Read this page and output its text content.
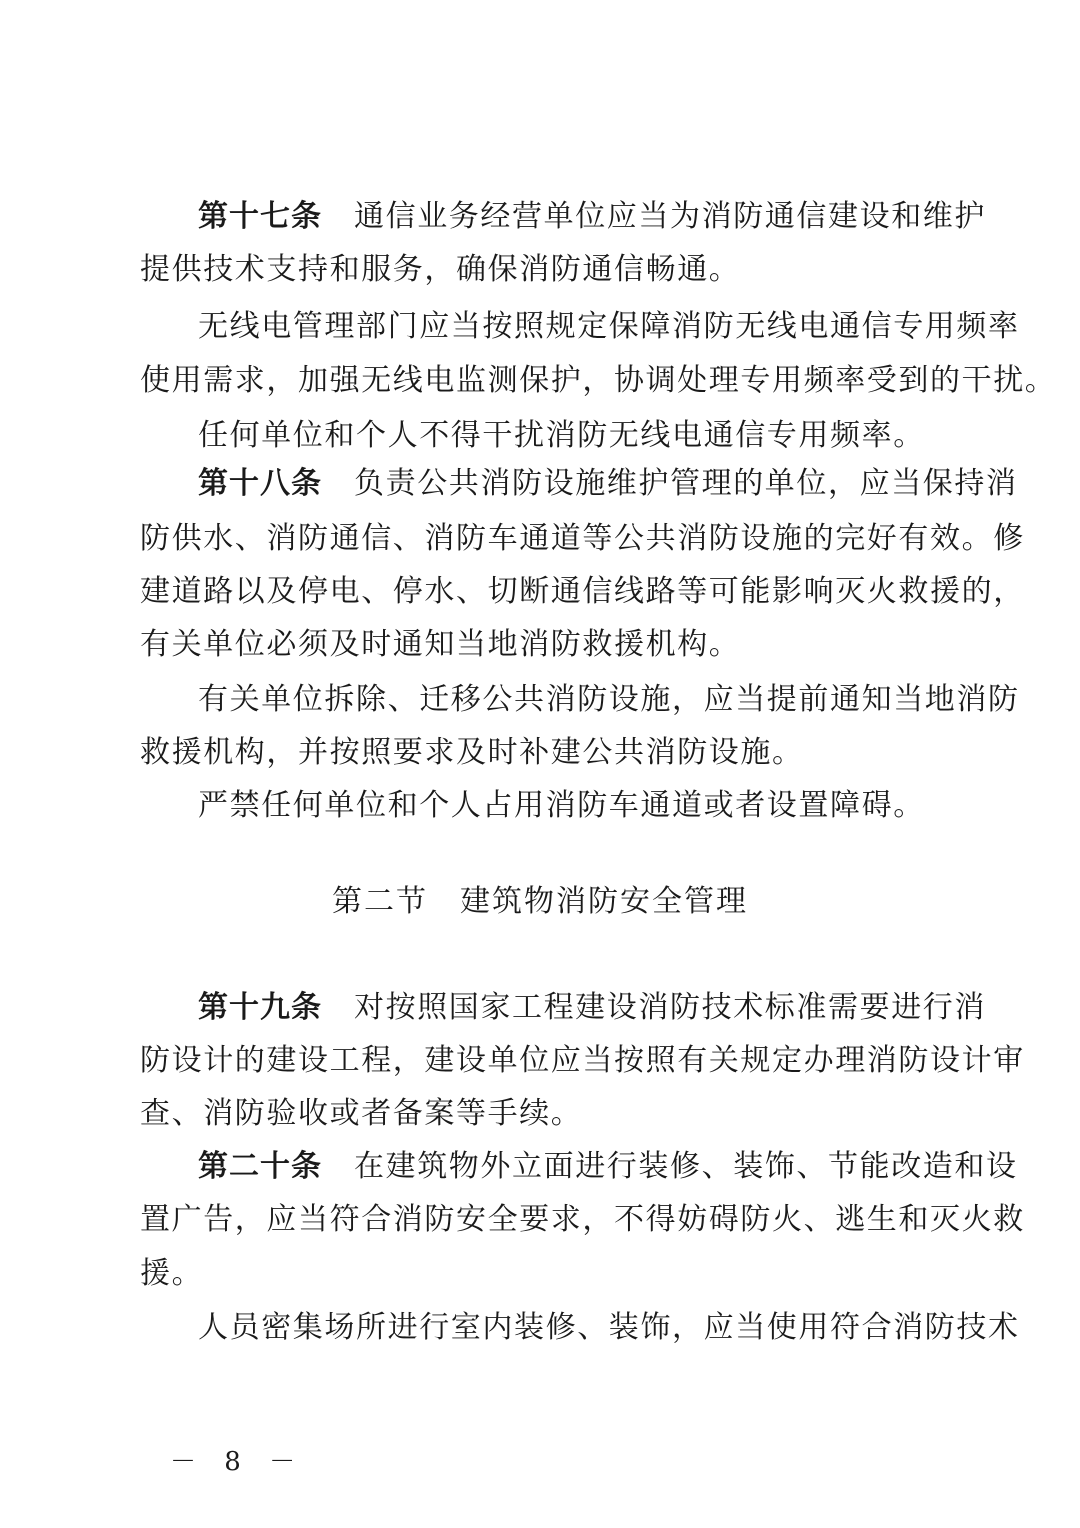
第十七条 通信业务经营单位应当为消防通信建设和维护
提供技术支持和服务，确保消防通信畅通。
无线电管理部门应当按照规定保障消防无线电通信专用频率
使用需求，加强无线电监测保护，协调处理专用频率受到的干扰。
任何单位和个人不得干扰消防无线电通信专用频率。
第十八条 负责公共消防设施维护管理的单位，应当保持消
防供水、消防通信、消防车通道等公共消防设施的完好有效。修
建道路以及停电、停水、切断通信线路等可能影响灭火救援的，
有关单位必须及时通知当地消防救援机构。
有关单位拆除、迁移公共消防设施，应当提前通知当地消防
救援机构，并按照要求及时补建公共消防设施。
严禁任何单位和个人占用消防车通道或者设置障碍。
第二节　建筑物消防安全管理
第十九条 对按照国家工程建设消防技术标准需要进行消
防设计的建设工程，建设单位应当按照有关规定办理消防设计审
查、消防验收或者备案等手续。
第二十条 在建筑物外立面进行装修、装饰、节能改造和设
置广告，应当符合消防安全要求，不得妨碍防火、逃生和灭火救
援。
人员密集场所进行室内装修、装饰，应当使用符合消防技术
－ 8 －
